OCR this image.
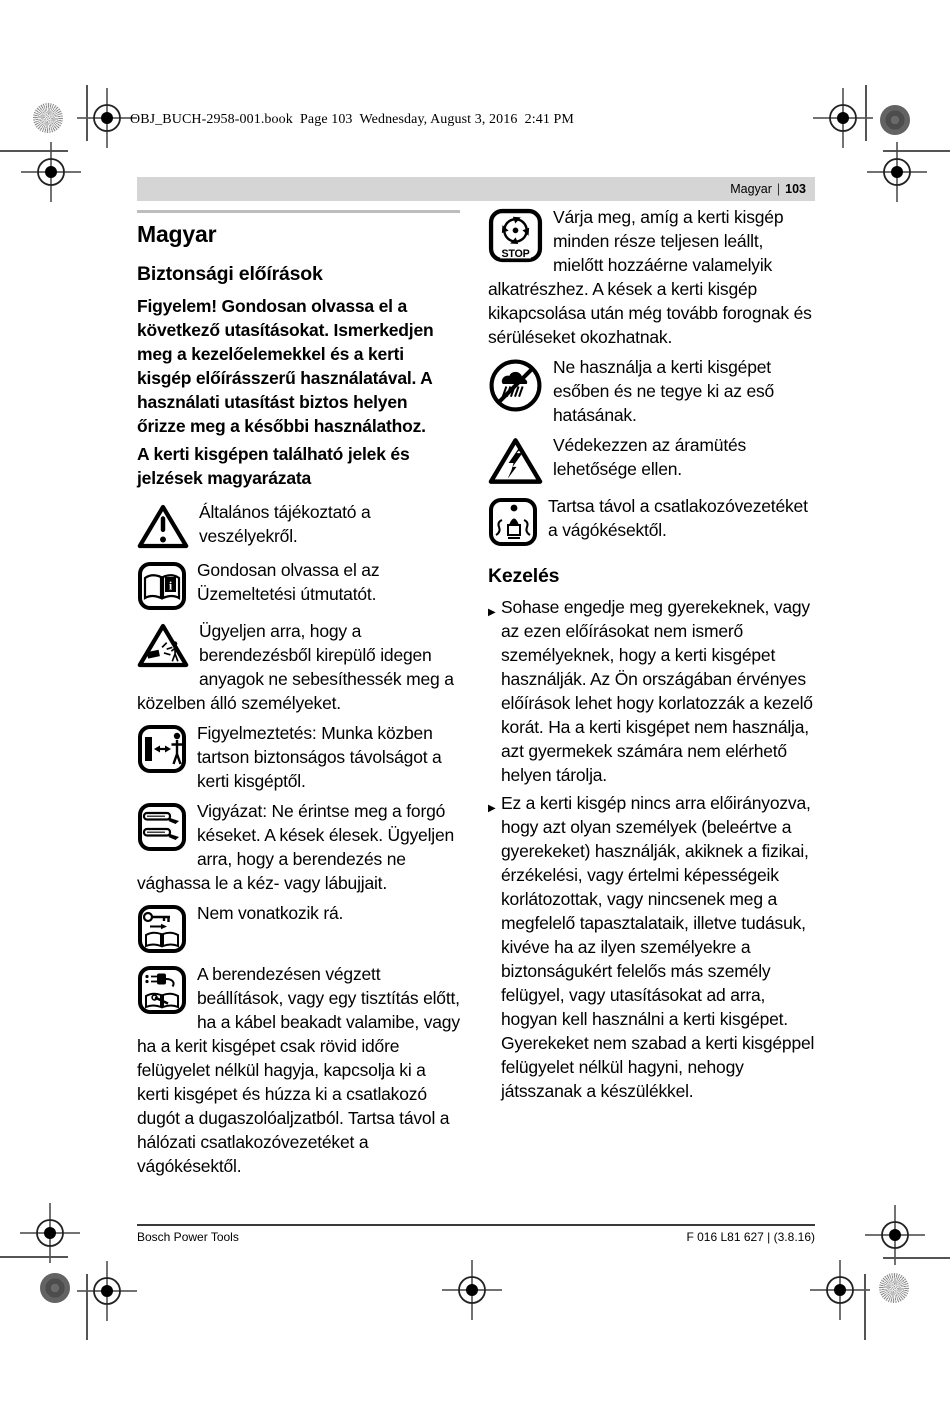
OBJ_BUCH-2958-001.book  Page 103  Wednesday, August 3, 2016  2:41 PM
Magyar | 103
Magyar
Biztonsági előírások

Figyelem! Gondosan olvassa el a következő utasításokat. Ismerkedjen meg a kezelőelemekkel és a kerti kisgép előírásszerű használatával. A használati utasítást biztos helyen őrizze meg a későbbi használathoz.

A kerti kisgépen található jelek és jelzések magyarázata
Általános tájékoztató a veszélyekről.
i
Gondosan olvassa el az Üzemeltetési útmutatót.
Ügyeljen arra, hogy a berendezésből kirepülő idegen anyagok ne sebesíthessék meg a közelben álló személyeket.
Figyelmeztetés: Munka közben tartson biztonságos távolságot a kerti kisgéptől.
Vigyázat: Ne érintse meg a forgó késeket. A kések élesek. Ügyeljen arra, hogy a berendezés ne vághassa le a kéz- vagy lábujjait.
Nem vonatkozik rá.
A berendezésen végzett beállítások, vagy egy tisztítás előtt, ha a kábel beakadt valamibe, vagy ha a kerit kisgépet csak rövid időre felügyelet nélkül hagyja, kapcsolja ki a kerti kisgépet és húzza ki a csatlakozó dugót a dugaszolóaljzatból. Tartsa távol a hálózati csatlakozóvezetéket a vágókésektől.
STOP
Várja meg, amíg a kerti kisgép minden része teljesen leállt, mielőtt hozzáérne valamelyik alkatrészhez. A kések a kerti kisgép kikapcsolása után még tovább forognak és sérüléseket okozhatnak.
Ne használja a kerti kisgépet esőben és ne tegye ki az eső hatásának.
Védekezzen az áramütés lehetősége ellen.
Tartsa távol a csatlakozóvezetéket a vágókésektől.
Kezelés
▶ Sohase engedje meg gyerekeknek, vagy az ezen előírásokat nem ismerő személyeknek, hogy a kerti kisgépet használják. Az Ön országában érvényes előírások lehet hogy korlatozzák a kezelő korát. Ha a kerti kisgépet nem használja, azt gyermekek számára nem elérhető helyen tárolja.
▶ Ez a kerti kisgép nincs arra előirányozva, hogy azt olyan személyek (beleértve a gyerekeket) használják, akiknek a fizikai, érzékelési, vagy értelmi képességeik korlátozottak, vagy nincsenek meg a megfelelő tapasztalataik, illetve tudásuk, kivéve ha az ilyen személyekre a biztonságukért felelős más személy felügyel, vagy utasításokat ad arra, hogyan kell használni a kerti kisgépet. Gyerekeket nem szabad a kerti kisgéppel felügyelet nélkül hagyni, nehogy játsszanak a készülékkel.
Bosch Power Tools	F 016 L81 627 | (3.8.16)
